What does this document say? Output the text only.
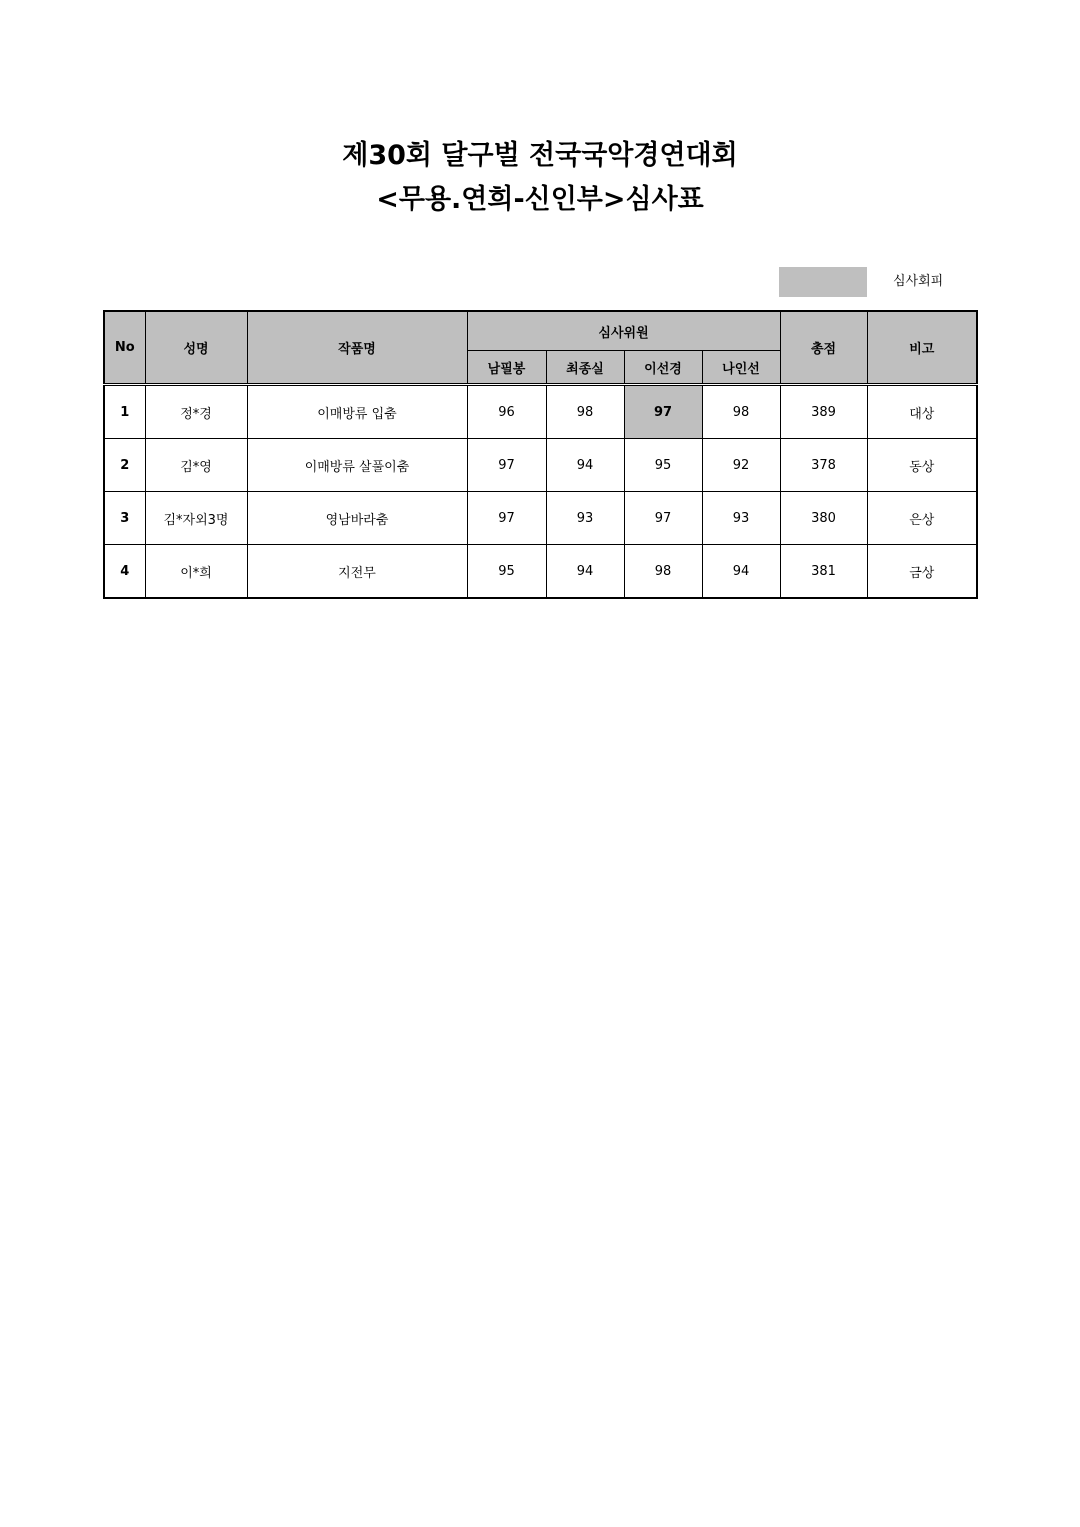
제30회 달구벌 전국국악경연대회
<무용.연희-신인부>심사표
심사회피
No	성명	작품명	심사위원				총점	비고
			남필봉	최종실	이선경	나인선		
1	정*경	이매방류 입춤	96	98	97	98	389	대상
2	김*영	이매방류 살풀이춤	97	94	95	92	378	동상
3	김*자외3명	영남바라춤	97	93	97	93	380	은상
4	이*희	지전무	95	94	98	94	381	금상
